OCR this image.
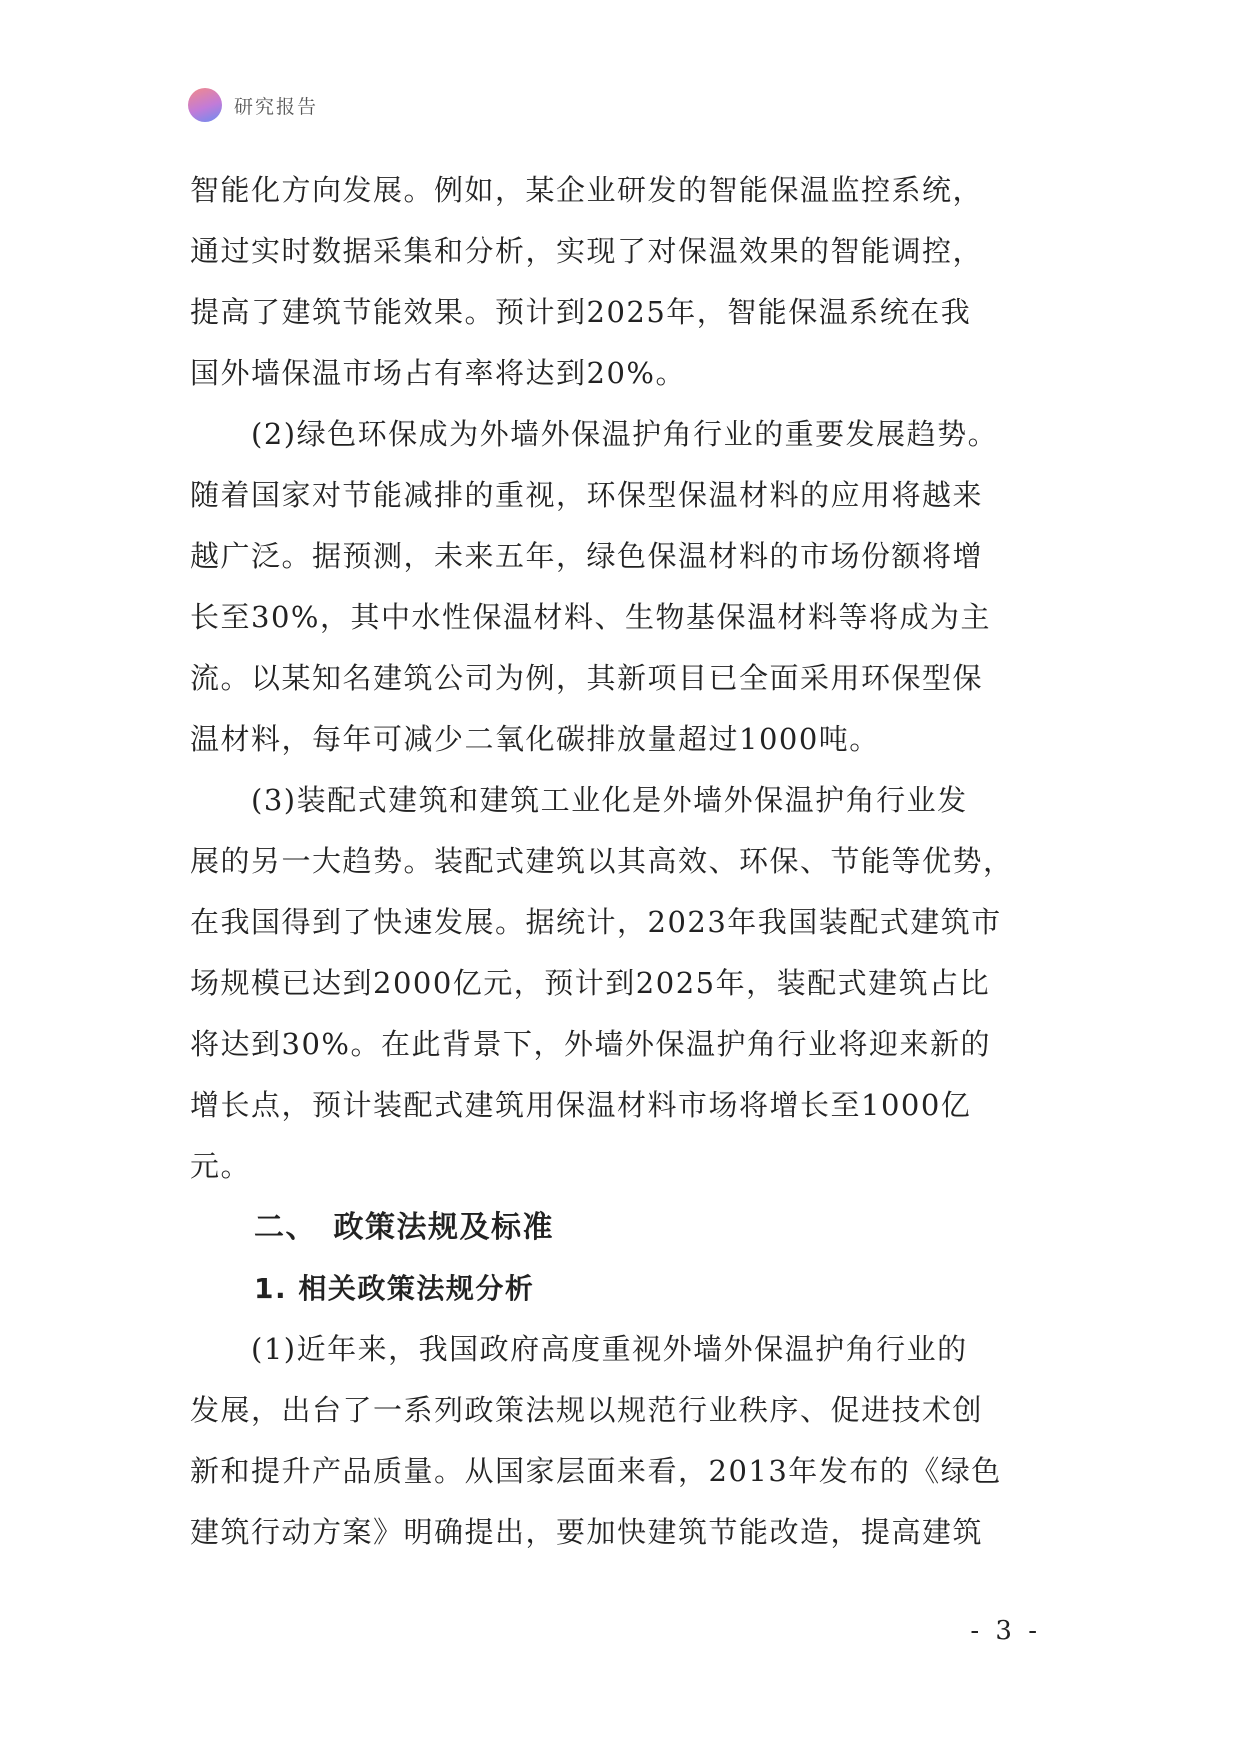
研究报告

智能化方向发展。例如，某企业研发的智能保温监控系统，
通过实时数据采集和分析，实现了对保温效果的智能调控，
提高了建筑节能效果。预计到2025年，智能保温系统在我
国外墙保温市场占有率将达到20%。

　　(2)绿色环保成为外墙外保温护角行业的重要发展趋势。
随着国家对节能减排的重视，环保型保温材料的应用将越来
越广泛。据预测，未来五年，绿色保温材料的市场份额将增
长至30%，其中水性保温材料、生物基保温材料等将成为主
流。以某知名建筑公司为例，其新项目已全面采用环保型保
温材料，每年可减少二氧化碳排放量超过1000吨。

　　(3)装配式建筑和建筑工业化是外墙外保温护角行业发
展的另一大趋势。装配式建筑以其高效、环保、节能等优势，
在我国得到了快速发展。据统计，2023年我国装配式建筑市
场规模已达到2000亿元，预计到2025年，装配式建筑占比
将达到30%。在此背景下，外墙外保温护角行业将迎来新的
增长点，预计装配式建筑用保温材料市场将增长至1000亿
元。

二、　政策法规及标准
1. 相关政策法规分析

　　(1)近年来，我国政府高度重视外墙外保温护角行业的
发展，出台了一系列政策法规以规范行业秩序、促进技术创
新和提升产品质量。从国家层面来看，2013年发布的《绿色
建筑行动方案》明确提出，要加快建筑节能改造，提高建筑

- 3 -
